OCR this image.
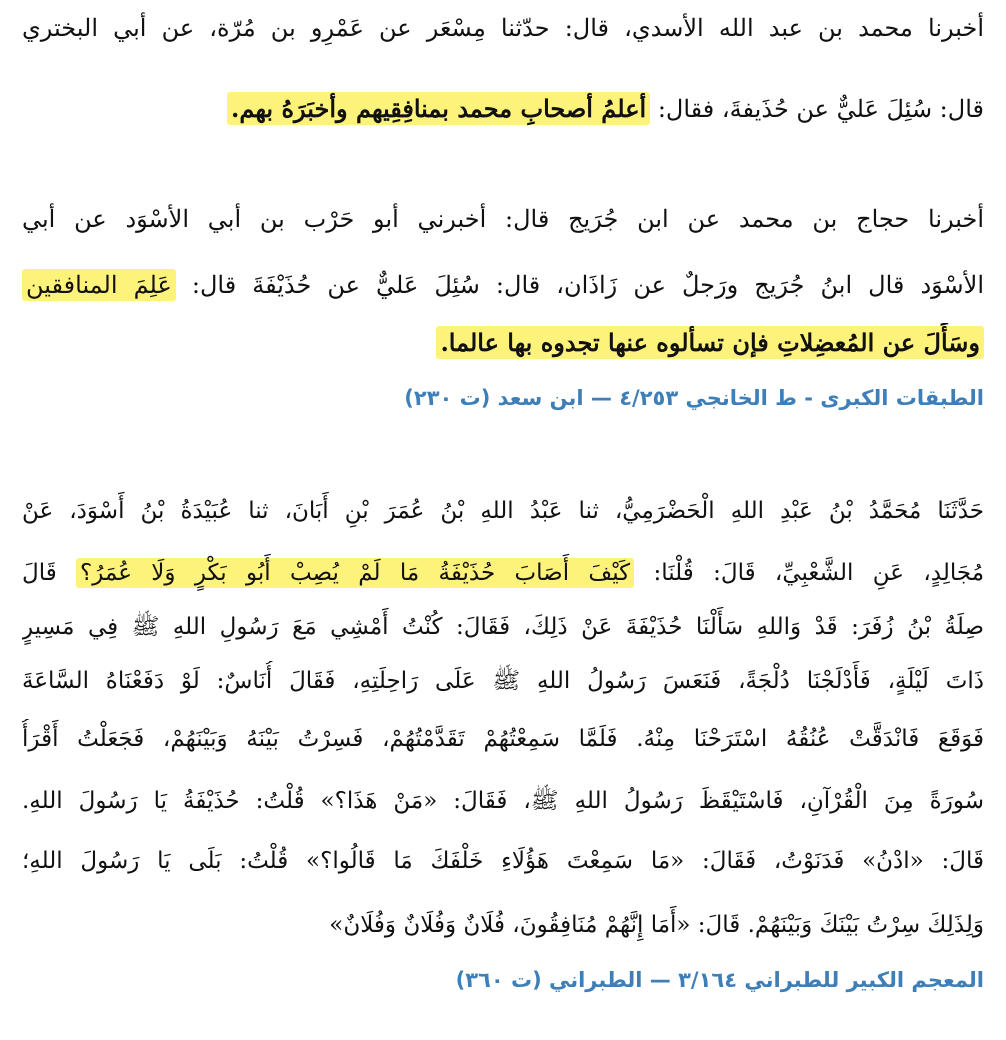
أخبرنا محمد بن عبد الله الأسدي، قال: حدّثنا مِسْعَر عن عَمْرِو بن مُرّة، عن أبي البختري
قال: سُئِلَ عَليٌّ عن حُذَيفةَ، فقال: أعلمُ أصحابِ محمد بمنافِقِيهم وأخبَرَهُ بهم.
أخبرنا حجاج بن محمد عن ابن جُرَيج قال: أخبرني أبو حَرْب بن أبي الأسْوَد عن أبي
الأسْوَد قال ابنُ جُرَيج ورَجلٌ عن زَاذَان، قال: سُئِلَ عَليٌّ عن حُذَيْفَةَ قال: عَلِمَ المنافقين
وسَأَلَ عن المُعضِلاتِ فإن تسألوه عنها تجدوه بها عالما.
الطبقات الكبرى - ط الخانجي ٤/٢٥٣ — ابن سعد (ت ٢٣٠)
حَدَّثَنَا مُحَمَّدُ بْنُ عَبْدِ اللهِ الْحَضْرَمِيُّ، ثنا عَبْدُ اللهِ بْنُ عُمَرَ بْنِ أَبَانَ، ثنا عُبَيْدَةُ بْنُ أَسْوَدَ، عَنْ
مُجَالِدٍ، عَنِ الشَّعْبِيِّ، قَالَ: قُلْنَا: كَيْفَ أَصَابَ حُذَيْفَةُ مَا لَمْ يُصِبْ أَبُو بَكْرٍ وَلَا عُمَرُ؟ قَالَ
صِلَةُ بْنُ زُفَرَ: قَدْ وَاللهِ سَأَلْنَا حُذَيْفَةَ عَنْ ذَلِكَ، فَقَالَ: كُنْتُ أَمْشِي مَعَ رَسُولِ اللهِ ﷺ فِي مَسِيرٍ
ذَاتَ لَيْلَةٍ، فَأَدْلَجْنَا دُلْجَةً، فَنَعَسَ رَسُولُ اللهِ ﷺ عَلَى رَاحِلَتِهِ، فَقَالَ أُنَاسٌ: لَوْ دَفَعْنَاهُ السَّاعَةَ
فَوَقَعَ فَانْدَقَّتْ عُنُقُهُ اسْتَرَحْنَا مِنْهُ. فَلَمَّا سَمِعْتُهُمْ تَقَدَّمْتُهُمْ، فَسِرْتُ بَيْنَهُ وَبَيْنَهُمْ، فَجَعَلْتُ أَقْرَأُ
سُورَةً مِنَ الْقُرْآنِ، فَاسْتَيْقَظَ رَسُولُ اللهِ ﷺ، فَقَالَ: «مَنْ هَذَا؟» قُلْتُ: حُذَيْفَةُ يَا رَسُولَ اللهِ.
قَالَ: «ادْنُ» فَدَنَوْتُ، فَقَالَ: «مَا سَمِعْتَ هَؤُلَاءِ خَلْفَكَ مَا قَالُوا؟» قُلْتُ: بَلَى يَا رَسُولَ اللهِ؛
وَلِذَلِكَ سِرْتُ بَيْنَكَ وَبَيْنَهُمْ. قَالَ: «أَمَا إِنَّهُمْ مُنَافِقُونَ، فُلَانٌ وَفُلَانٌ وَفُلَانٌ»
المعجم الكبير للطبراني ٣/١٦٤ — الطبراني (ت ٣٦٠)
